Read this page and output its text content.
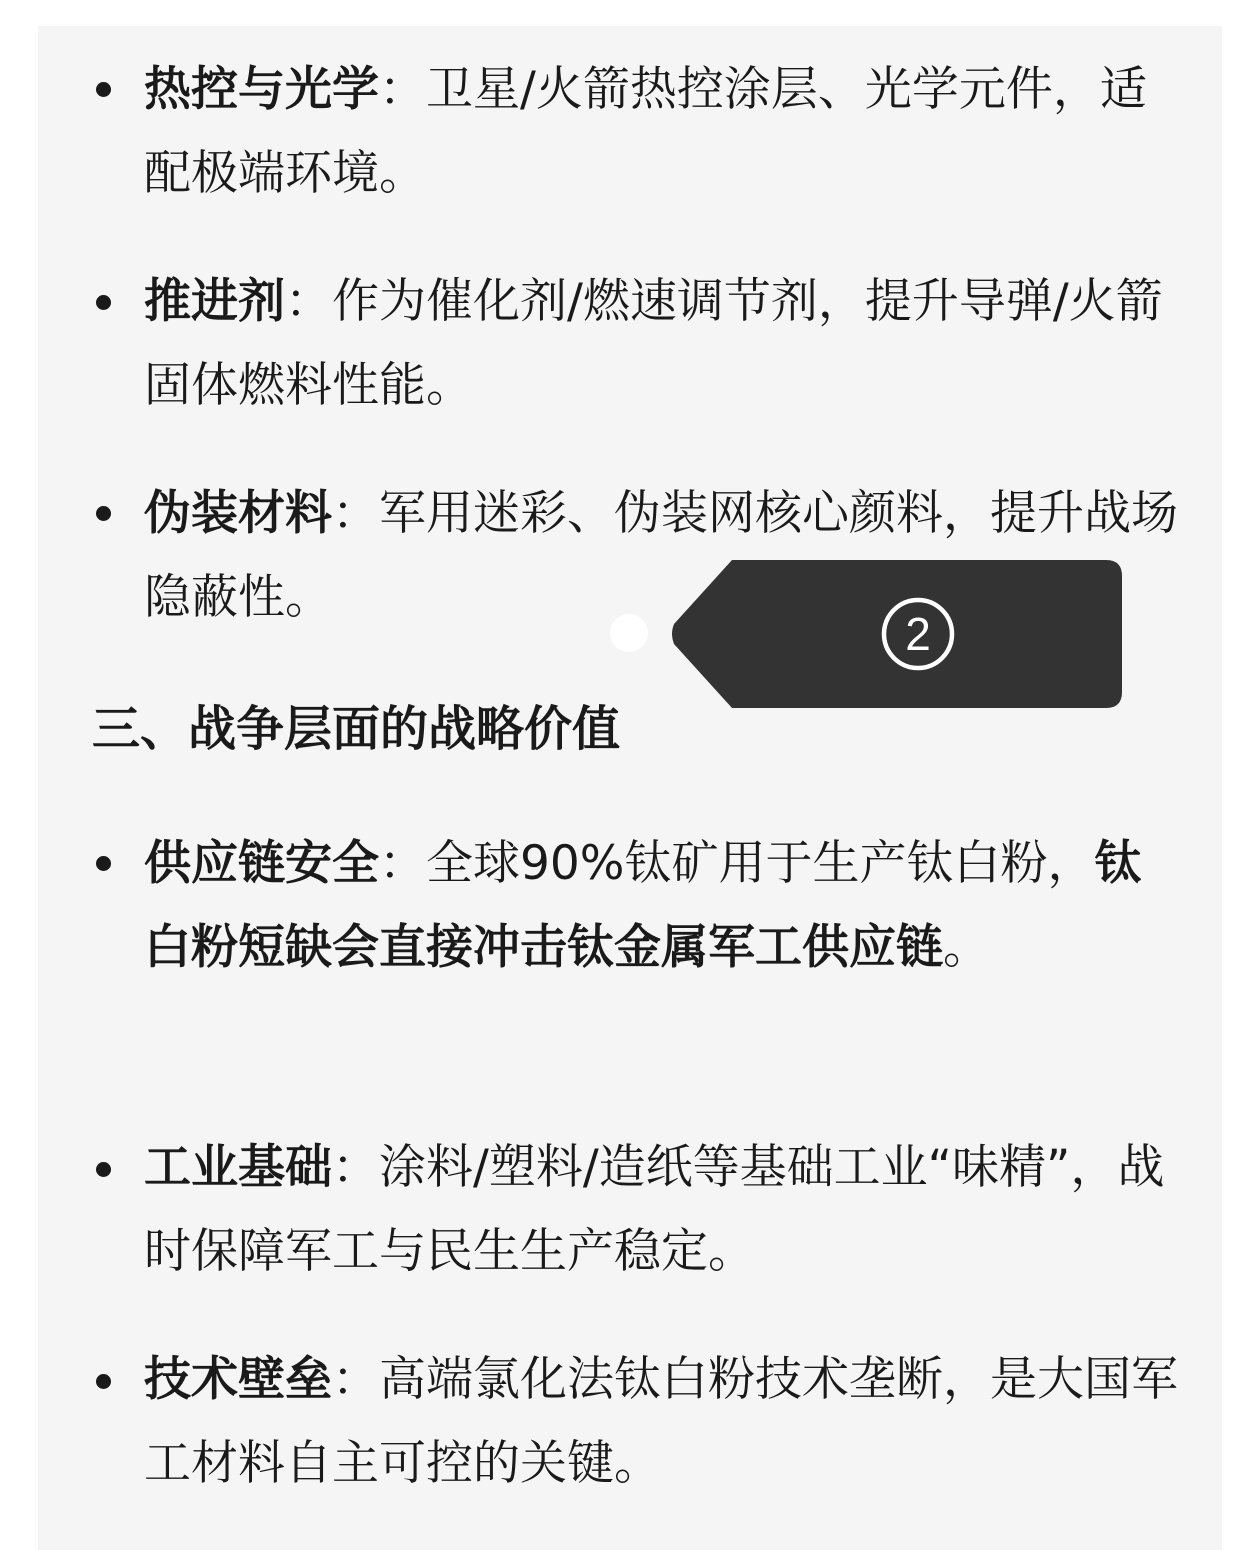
热控与光学：卫星/火箭热控涂层、光学元件，适配极端环境。
推进剂：作为催化剂/燃速调节剂，提升导弹/火箭固体燃料性能。
伪装材料：军用迷彩、伪装网核心颜料，提升战场隐蔽性。
三、战争层面的战略价值
供应链安全：全球90%钛矿用于生产钛白粉，钛白粉短缺会直接冲击钛金属军工供应链。
工业基础：涂料/塑料/造纸等基础工业“味精”，战时保障军工与民生生产稳定。
技术壁垒：高端氯化法钛白粉技术垄断，是大国军工材料自主可控的关键。
2
